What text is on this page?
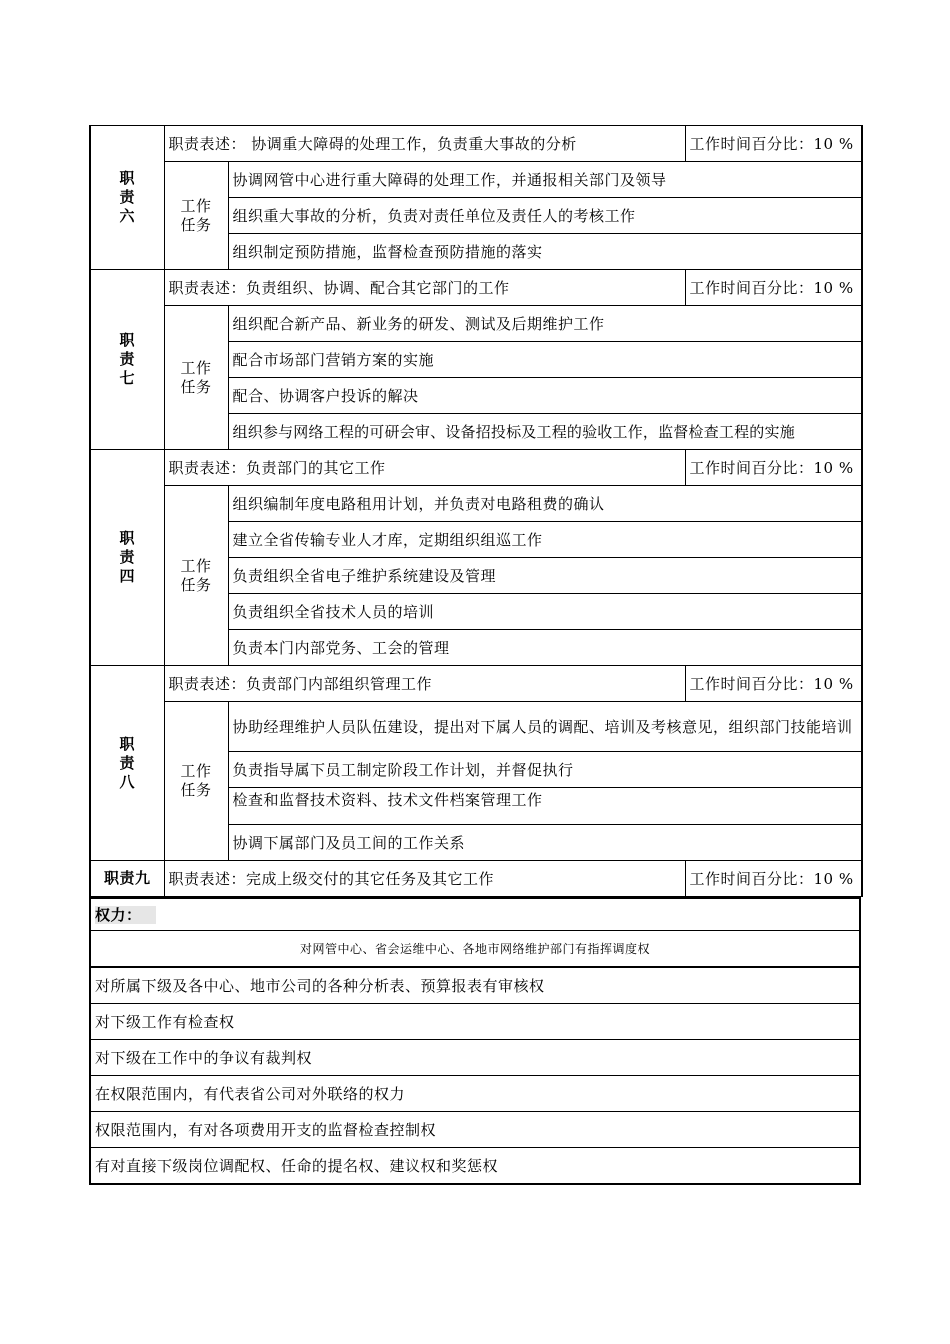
职
责
六	职责表述： 协调重大障碍的处理工作，负责重大事故的分析		工作时间百分比：10 %

	工作
任务	协调网管中心进行重大障碍的处理工作，并通报相关部门及领导	
		组织重大事故的分析，负责对责任单位及责任人的考核工作	
		组织制定预防措施，监督检查预防措施的落实	

职
责
七	职责表述：负责组织、协调、配合其它部门的工作		工作时间百分比：10 %

	工作
任务	组织配合新产品、新业务的研发、测试及后期维护工作	
		配合市场部门营销方案的实施	
		配合、协调客户投诉的解决	
		组织参与网络工程的可研会审、设备招投标及工程的验收工作，监督检查工程的实施	

职
责
四	职责表述：负责部门的其它工作		工作时间百分比：10 %

	工作
任务	组织编制年度电路租用计划，并负责对电路租费的确认	
		建立全省传输专业人才库，定期组织组巡工作	
		负责组织全省电子维护系统建设及管理	
		负责组织全省技术人员的培训	
		负责本门内部党务、工会的管理	

职
责
八	职责表述：负责部门内部组织管理工作		工作时间百分比：10 %

	工作
任务	协助经理维护人员队伍建设，提出对下属人员的调配、培训及考核意见，组织部门技能培训	
		负责指导属下员工制定阶段工作计划，并督促执行	
		检查和监督技术资料、技术文件档案管理工作	
		协调下属部门及员工间的工作关系	
职责九	职责表述：完成上级交付的其它任务及其它工作		工作时间百分比：10 %
权力：
对网管中心、省会运维中心、各地市网络维护部门有指挥调度权
对所属下级及各中心、地市公司的各种分析表、预算报表有审核权
对下级工作有检查权
对下级在工作中的争议有裁判权
在权限范围内，有代表省公司对外联络的权力
权限范围内，有对各项费用开支的监督检查控制权
有对直接下级岗位调配权、任命的提名权、建议权和奖惩权
